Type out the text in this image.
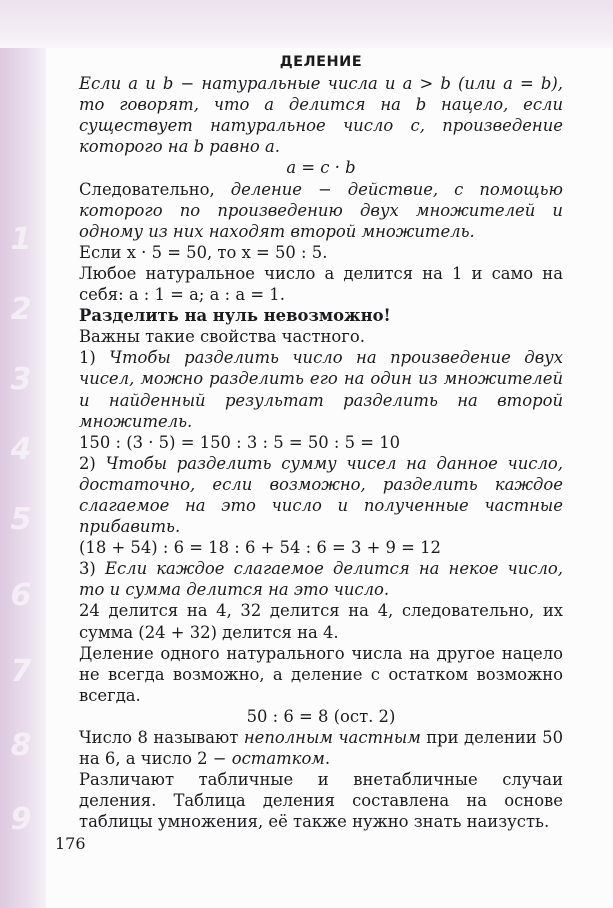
1
2
3
4
5
6
7
8
9
ДЕЛЕНИЕ
Если a и b − натуральные числа и a > b (или a = b), то говорят, что a делится на b нацело, если существует натуральное число c, произведение которого на b равно a.
a = c · b
Следовательно, деление − действие, с помощью которого по произведению двух множителей и одному из них находят второй множитель.
Если x · 5 = 50, то x = 50 : 5.
Любое натуральное число a делится на 1 и само на себя: a : 1 = a; a : a = 1.
Разделить на нуль невозможно!
Важны такие свойства частного.
1) Чтобы разделить число на произведение двух чисел, можно разделить его на один из множителей и найденный результат разделить на второй множитель.
150 : (3 · 5) = 150 : 3 : 5 = 50 : 5 = 10
2) Чтобы разделить сумму чисел на данное число, достаточно, если возможно, разделить каждое слагаемое на это число и полученные частные прибавить.
(18 + 54) : 6 = 18 : 6 + 54 : 6 = 3 + 9 = 12
3) Если каждое слагаемое делится на некое число, то и сумма делится на это число.
24 делится на 4, 32 делится на 4, следовательно, их сумма (24 + 32) делится на 4.
Деление одного натурального числа на другое нацело не всегда возможно, а деление с остатком возможно всегда.
50 : 6 = 8 (ост. 2)
Число 8 называют неполным частным при делении 50 на 6, а число 2 − остатком.
Различают табличные и внетабличные случаи деления. Таблица деления составлена на основе таблицы умножения, её также нужно знать наизусть.
176
